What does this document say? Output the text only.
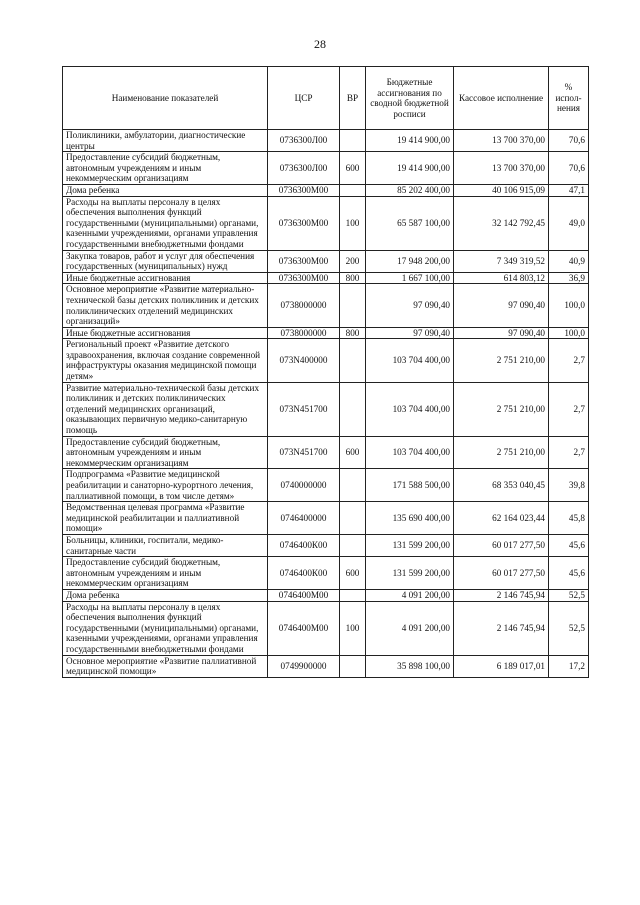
28
Наименование показателей	ЦСР	ВР	Бюджетные ассигнования по сводной бюджетной росписи	Кассовое исполнение	% испол-нения
Поликлиники, амбулатории, диагностические центры	0736300Л00		19 414 900,00	13 700 370,00	70,6
Предоставление субсидий бюджетным, автономным учреждениям и иным некоммерческим организациям	0736300Л00	600	19 414 900,00	13 700 370,00	70,6
Дома ребенка	0736300М00		85 202 400,00	40 106 915,09	47,1
Расходы на выплаты персоналу в целях обеспечения выполнения функций государственными (муниципальными) органами, казенными учреждениями, органами управления государственными внебюджетными фондами	0736300М00	100	65 587 100,00	32 142 792,45	49,0
Закупка товаров, работ и услуг для обеспечения государственных (муниципальных) нужд	0736300М00	200	17 948 200,00	7 349 319,52	40,9
Иные бюджетные ассигнования	0736300М00	800	1 667 100,00	614 803,12	36,9
Основное мероприятие «Развитие материально-технической базы детских поликлиник и детских поликлинических отделений медицинских организаций»	0738000000		97 090,40	97 090,40	100,0
Иные бюджетные ассигнования	0738000000	800	97 090,40	97 090,40	100,0
Региональный проект «Развитие детского здравоохранения, включая создание современной инфраструктуры оказания медицинской помощи детям»	073N400000		103 704 400,00	2 751 210,00	2,7
Развитие материально-технической базы детских поликлиник и детских поликлинических отделений медицинских организаций, оказывающих первичную медико-санитарную помощь	073N451700		103 704 400,00	2 751 210,00	2,7
Предоставление субсидий бюджетным, автономным учреждениям и иным некоммерческим организациям	073N451700	600	103 704 400,00	2 751 210,00	2,7
Подпрограмма «Развитие медицинской реабилитации и санаторно-курортного лечения, паллиативной помощи, в том числе детям»	0740000000		171 588 500,00	68 353 040,45	39,8
Ведомственная целевая программа «Развитие медицинской реабилитации и паллиативной помощи»	0746400000		135 690 400,00	62 164 023,44	45,8
Больницы, клиники, госпитали, медико-санитарные части	0746400К00		131 599 200,00	60 017 277,50	45,6
Предоставление субсидий бюджетным, автономным учреждениям и иным некоммерческим организациям	0746400К00	600	131 599 200,00	60 017 277,50	45,6
Дома ребенка	0746400М00		4 091 200,00	2 146 745,94	52,5
Расходы на выплаты персоналу в целях обеспечения выполнения функций государственными (муниципальными) органами, казенными учреждениями, органами управления государственными внебюджетными фондами	0746400М00	100	4 091 200,00	2 146 745,94	52,5
Основное мероприятие «Развитие паллиативной медицинской помощи»	0749900000		35 898 100,00	6 189 017,01	17,2
